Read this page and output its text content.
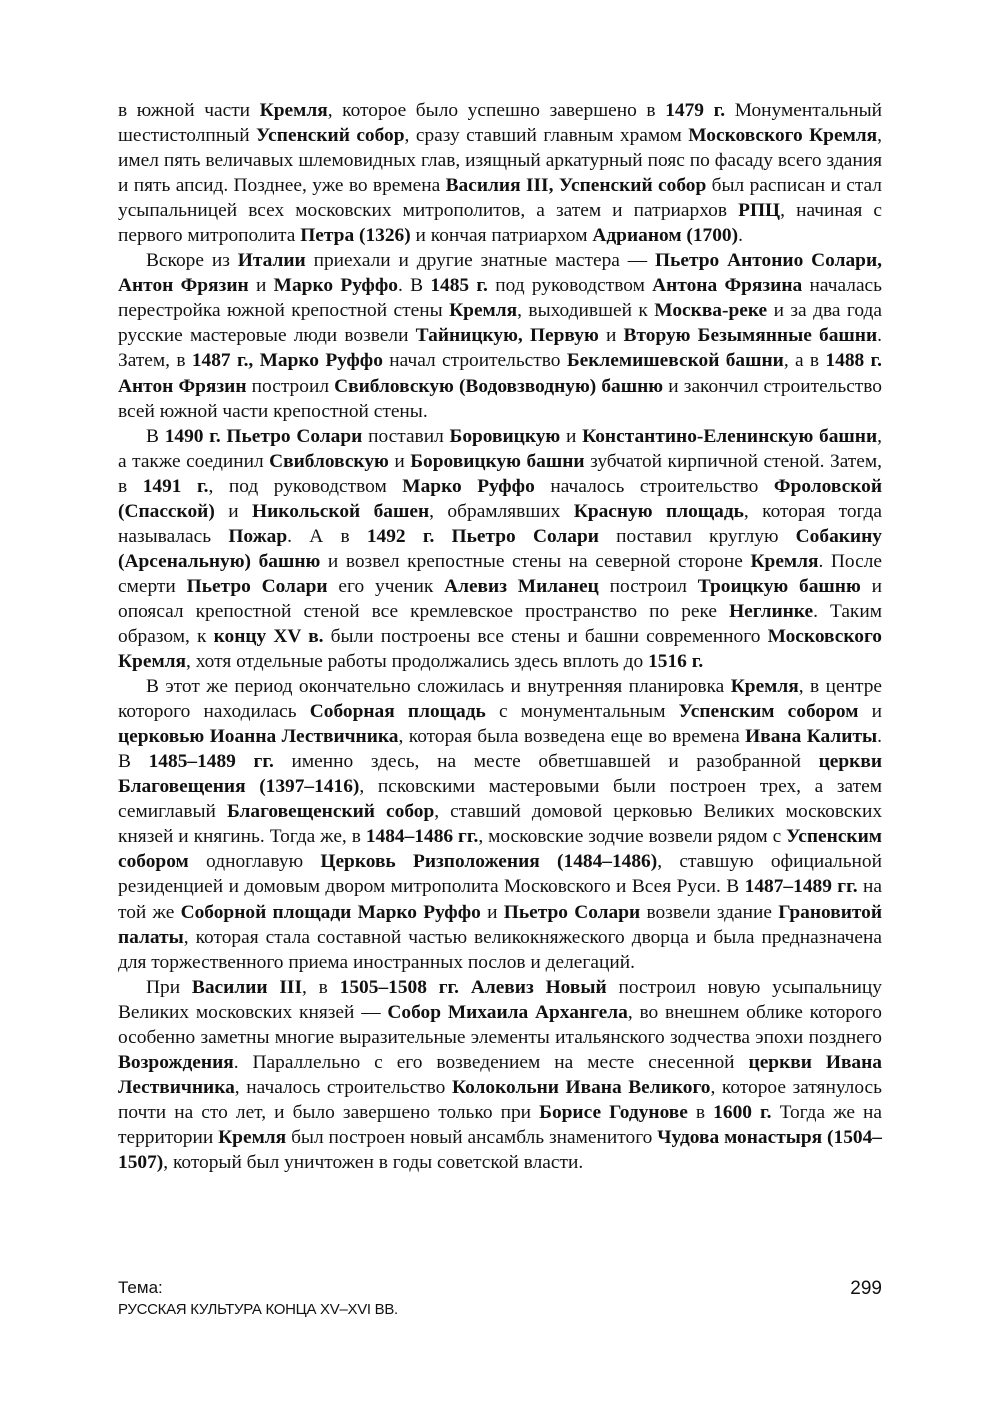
в южной части Кремля, которое было успешно завершено в 1479 г. Монументальный шестистолпный Успенский собор, сразу ставший главным храмом Московского Кремля, имел пять величавых шлемовидных глав, изящный аркатурный пояс по фасаду всего здания и пять апсид. Позднее, уже во времена Василия III, Успенский собор был расписан и стал усыпальницей всех московских митрополитов, а затем и патриархов РПЦ, начиная с первого митрополита Петра (1326) и кончая патриархом Адрианом (1700).

Вскоре из Италии приехали и другие знатные мастера — Пьетро Антонио Солари, Антон Фрязин и Марко Руффо. В 1485 г. под руководством Антона Фрязина началась перестройка южной крепостной стены Кремля, выходившей к Москва-реке и за два года русские мастеровые люди возвели Тайницкую, Первую и Вторую Безымянные башни. Затем, в 1487 г., Марко Руффо начал строительство Беклемишевской башни, а в 1488 г. Антон Фрязин построил Свибловскую (Водовзводную) башню и закончил строительство всей южной части крепостной стены.

В 1490 г. Пьетро Солари поставил Боровицкую и Константино-Еленинскую башни, а также соединил Свибловскую и Боровицкую башни зубчатой кирпичной стеной. Затем, в 1491 г., под руководством Марко Руффо началось строительство Фроловской (Спасской) и Никольской башен, обрамлявших Красную площадь, которая тогда называлась Пожар. А в 1492 г. Пьетро Солари поставил круглую Собакину (Арсенальную) башню и возвел крепостные стены на северной стороне Кремля. После смерти Пьетро Солари его ученик Алевиз Миланец построил Троицкую башню и опоясал крепостной стеной все кремлевское пространство по реке Неглинке. Таким образом, к концу XV в. были построены все стены и башни современного Московского Кремля, хотя отдельные работы продолжались здесь вплоть до 1516 г.

В этот же период окончательно сложилась и внутренняя планировка Кремля, в центре которого находилась Соборная площадь с монументальным Успенским собором и церковью Иоанна Лествичника, которая была возведена еще во времена Ивана Калиты. В 1485–1489 гг. именно здесь, на месте обветшавшей и разобранной церкви Благовещения (1397–1416), псковскими мастеровыми были построен трех, а затем семиглавый Благовещенский собор, ставший домовой церковью Великих московских князей и княгинь. Тогда же, в 1484–1486 гг., московские зодчие возвели рядом с Успенским собором одноглавую Церковь Ризположения (1484–1486), ставшую официальной резиденцией и домовым двором митрополита Московского и Всея Руси. В 1487–1489 гг. на той же Соборной площади Марко Руффо и Пьетро Солари возвели здание Грановитой палаты, которая стала составной частью великокняжеского дворца и была предназначена для торжественного приема иностранных послов и делегаций.

При Василии III, в 1505–1508 гг. Алевиз Новый построил новую усыпальницу Великих московских князей — Собор Михаила Архангела, во внешнем облике которого особенно заметны многие выразительные элементы итальянского зодчества эпохи позднего Возрождения. Параллельно с его возведением на месте снесенной церкви Ивана Лествичника, началось строительство Колокольни Ивана Великого, которое затянулось почти на сто лет, и было завершено только при Борисе Годунове в 1600 г. Тогда же на территории Кремля был построен новый ансамбль знаменитого Чудова монастыря (1504–1507), который был уничтожен в годы советской власти.

Тема:
РУССКАЯ КУЛЬТУРА КОНЦА XV–XVI ВВ.
299
